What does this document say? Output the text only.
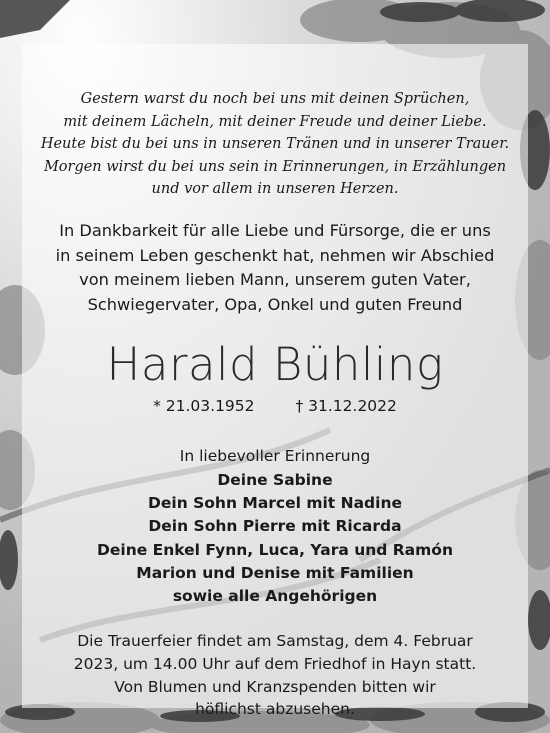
Gestern warst du noch bei uns mit deinen Sprüchen,
mit deinem Lächeln, mit deiner Freude und deiner Liebe.
Heute bist du bei uns in unseren Tränen und in unserer Trauer.
Morgen wirst du bei uns sein in Erinnerungen, in Erzählungen
und vor allem in unseren Herzen.
In Dankbarkeit für alle Liebe und Fürsorge, die er uns
in seinem Leben geschenkt hat, nehmen wir Abschied
von meinem lieben Mann, unserem guten Vater,
Schwiegervater, Opa, Onkel und guten Freund
Harald Bühling
* 21.03.1952	† 31.12.2022
In liebevoller Erinnerung
Deine Sabine
Dein Sohn Marcel mit Nadine
Dein Sohn Pierre mit Ricarda
Deine Enkel Fynn, Luca, Yara und Ramón
Marion und Denise mit Familien
sowie alle Angehörigen
Die Trauerfeier findet am Samstag, dem 4. Februar
2023, um 14.00 Uhr auf dem Friedhof in Hayn statt.
Von Blumen und Kranzspenden bitten wir
höflichst abzusehen.
